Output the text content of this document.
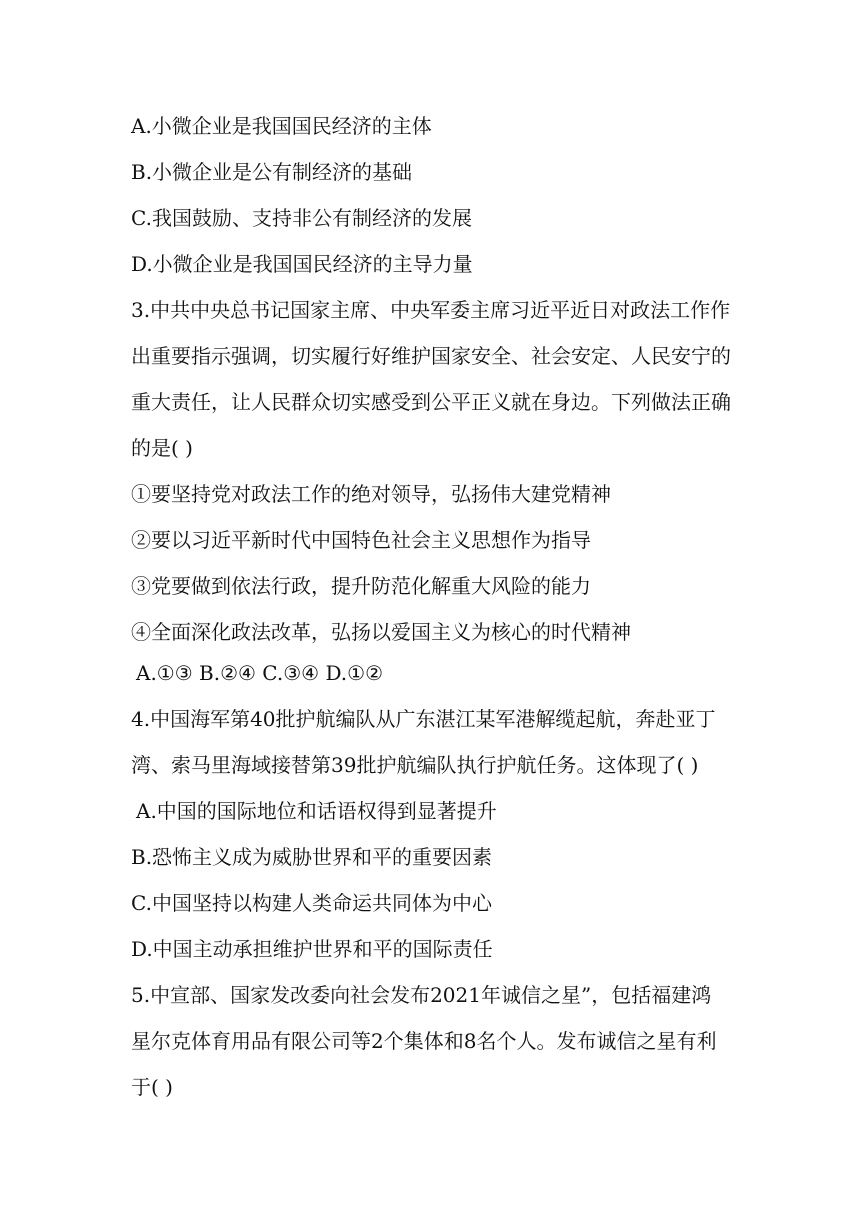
A.小微企业是我国国民经济的主体
B.小微企业是公有制经济的基础
C.我国鼓励、支持非公有制经济的发展
D.小微企业是我国国民经济的主导力量
3.中共中央总书记国家主席、中央军委主席习近平近日对政法工作作
出重要指示强调，切实履行好维护国家安全、社会安定、人民安宁的
重大责任，让人民群众切实感受到公平正义就在身边。下列做法正确
的是( )
①要坚持党对政法工作的绝对领导，弘扬伟大建党精神
②要以习近平新时代中国特色社会主义思想作为指导
③党要做到依法行政，提升防范化解重大风险的能力
④全面深化政法改革，弘扬以爱国主义为核心的时代精神
A.①③ B.②④ C.③④ D.①②
4.中国海军第40批护航编队从广东湛江某军港解缆起航，奔赴亚丁
湾、索马里海域接替第39批护航编队执行护航任务。这体现了( )
A.中国的国际地位和话语权得到显著提升
B.恐怖主义成为威胁世界和平的重要因素
C.中国坚持以构建人类命运共同体为中心
D.中国主动承担维护世界和平的国际责任
5.中宣部、国家发改委向社会发布2021年诚信之星”，包括福建鸿
星尔克体育用品有限公司等2个集体和8名个人。发布诚信之星有利
于( )
